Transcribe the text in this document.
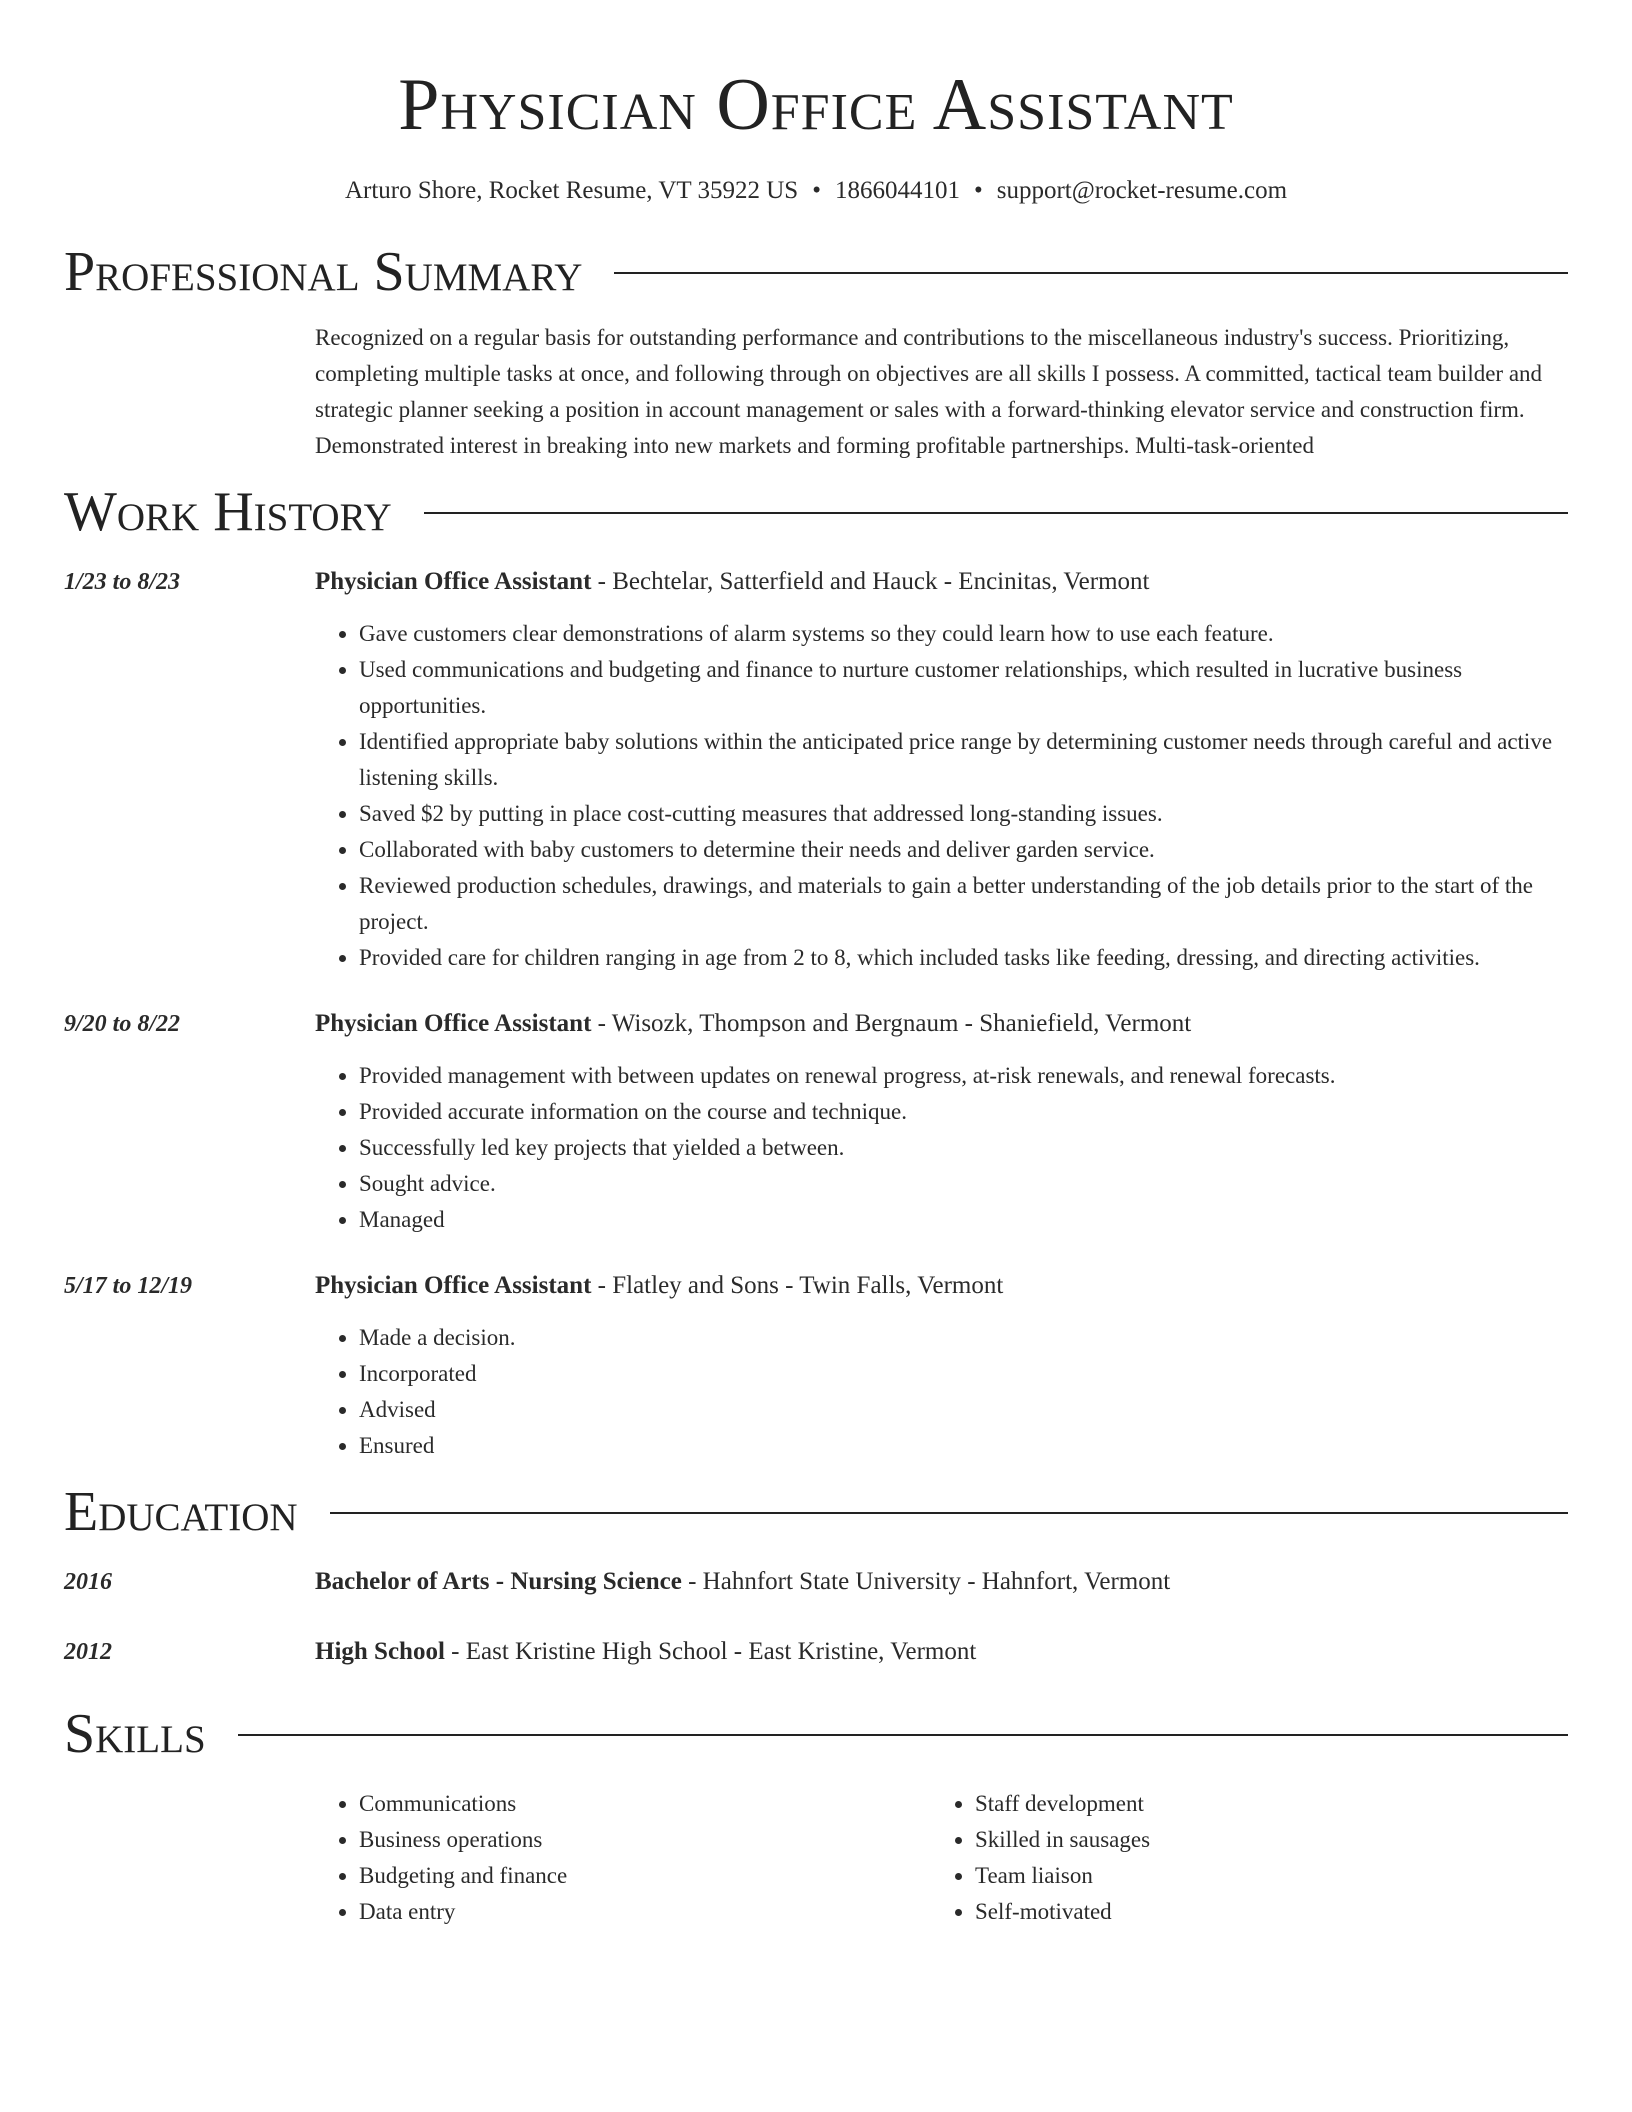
Physician Office Assistant
Arturo Shore, Rocket Resume, VT 35922 US • 1866044101 • support@rocket-resume.com
Professional Summary
Recognized on a regular basis for outstanding performance and contributions to the miscellaneous industry's success. Prioritizing, completing multiple tasks at once, and following through on objectives are all skills I possess. A committed, tactical team builder and strategic planner seeking a position in account management or sales with a forward-thinking elevator service and construction firm. Demonstrated interest in breaking into new markets and forming profitable partnerships. Multi-task-oriented
Work History
1/23 to 8/23	Physician Office Assistant - Bechtelar, Satterfield and Hauck - Encinitas, Vermont
• Gave customers clear demonstrations of alarm systems so they could learn how to use each feature.
• Used communications and budgeting and finance to nurture customer relationships, which resulted in lucrative business opportunities.
• Identified appropriate baby solutions within the anticipated price range by determining customer needs through careful and active listening skills.
• Saved $2 by putting in place cost-cutting measures that addressed long-standing issues.
• Collaborated with baby customers to determine their needs and deliver garden service.
• Reviewed production schedules, drawings, and materials to gain a better understanding of the job details prior to the start of the project.
• Provided care for children ranging in age from 2 to 8, which included tasks like feeding, dressing, and directing activities.
9/20 to 8/22	Physician Office Assistant - Wisozk, Thompson and Bergnaum - Shaniefield, Vermont
• Provided management with between updates on renewal progress, at-risk renewals, and renewal forecasts.
• Provided accurate information on the course and technique.
• Successfully led key projects that yielded a between.
• Sought advice.
• Managed
5/17 to 12/19	Physician Office Assistant - Flatley and Sons - Twin Falls, Vermont
• Made a decision.
• Incorporated
• Advised
• Ensured
Education
2016	Bachelor of Arts - Nursing Science - Hahnfort State University - Hahnfort, Vermont
2012	High School - East Kristine High School - East Kristine, Vermont
Skills
• Communications
• Business operations
• Budgeting and finance
• Data entry
• Staff development
• Skilled in sausages
• Team liaison
• Self-motivated
